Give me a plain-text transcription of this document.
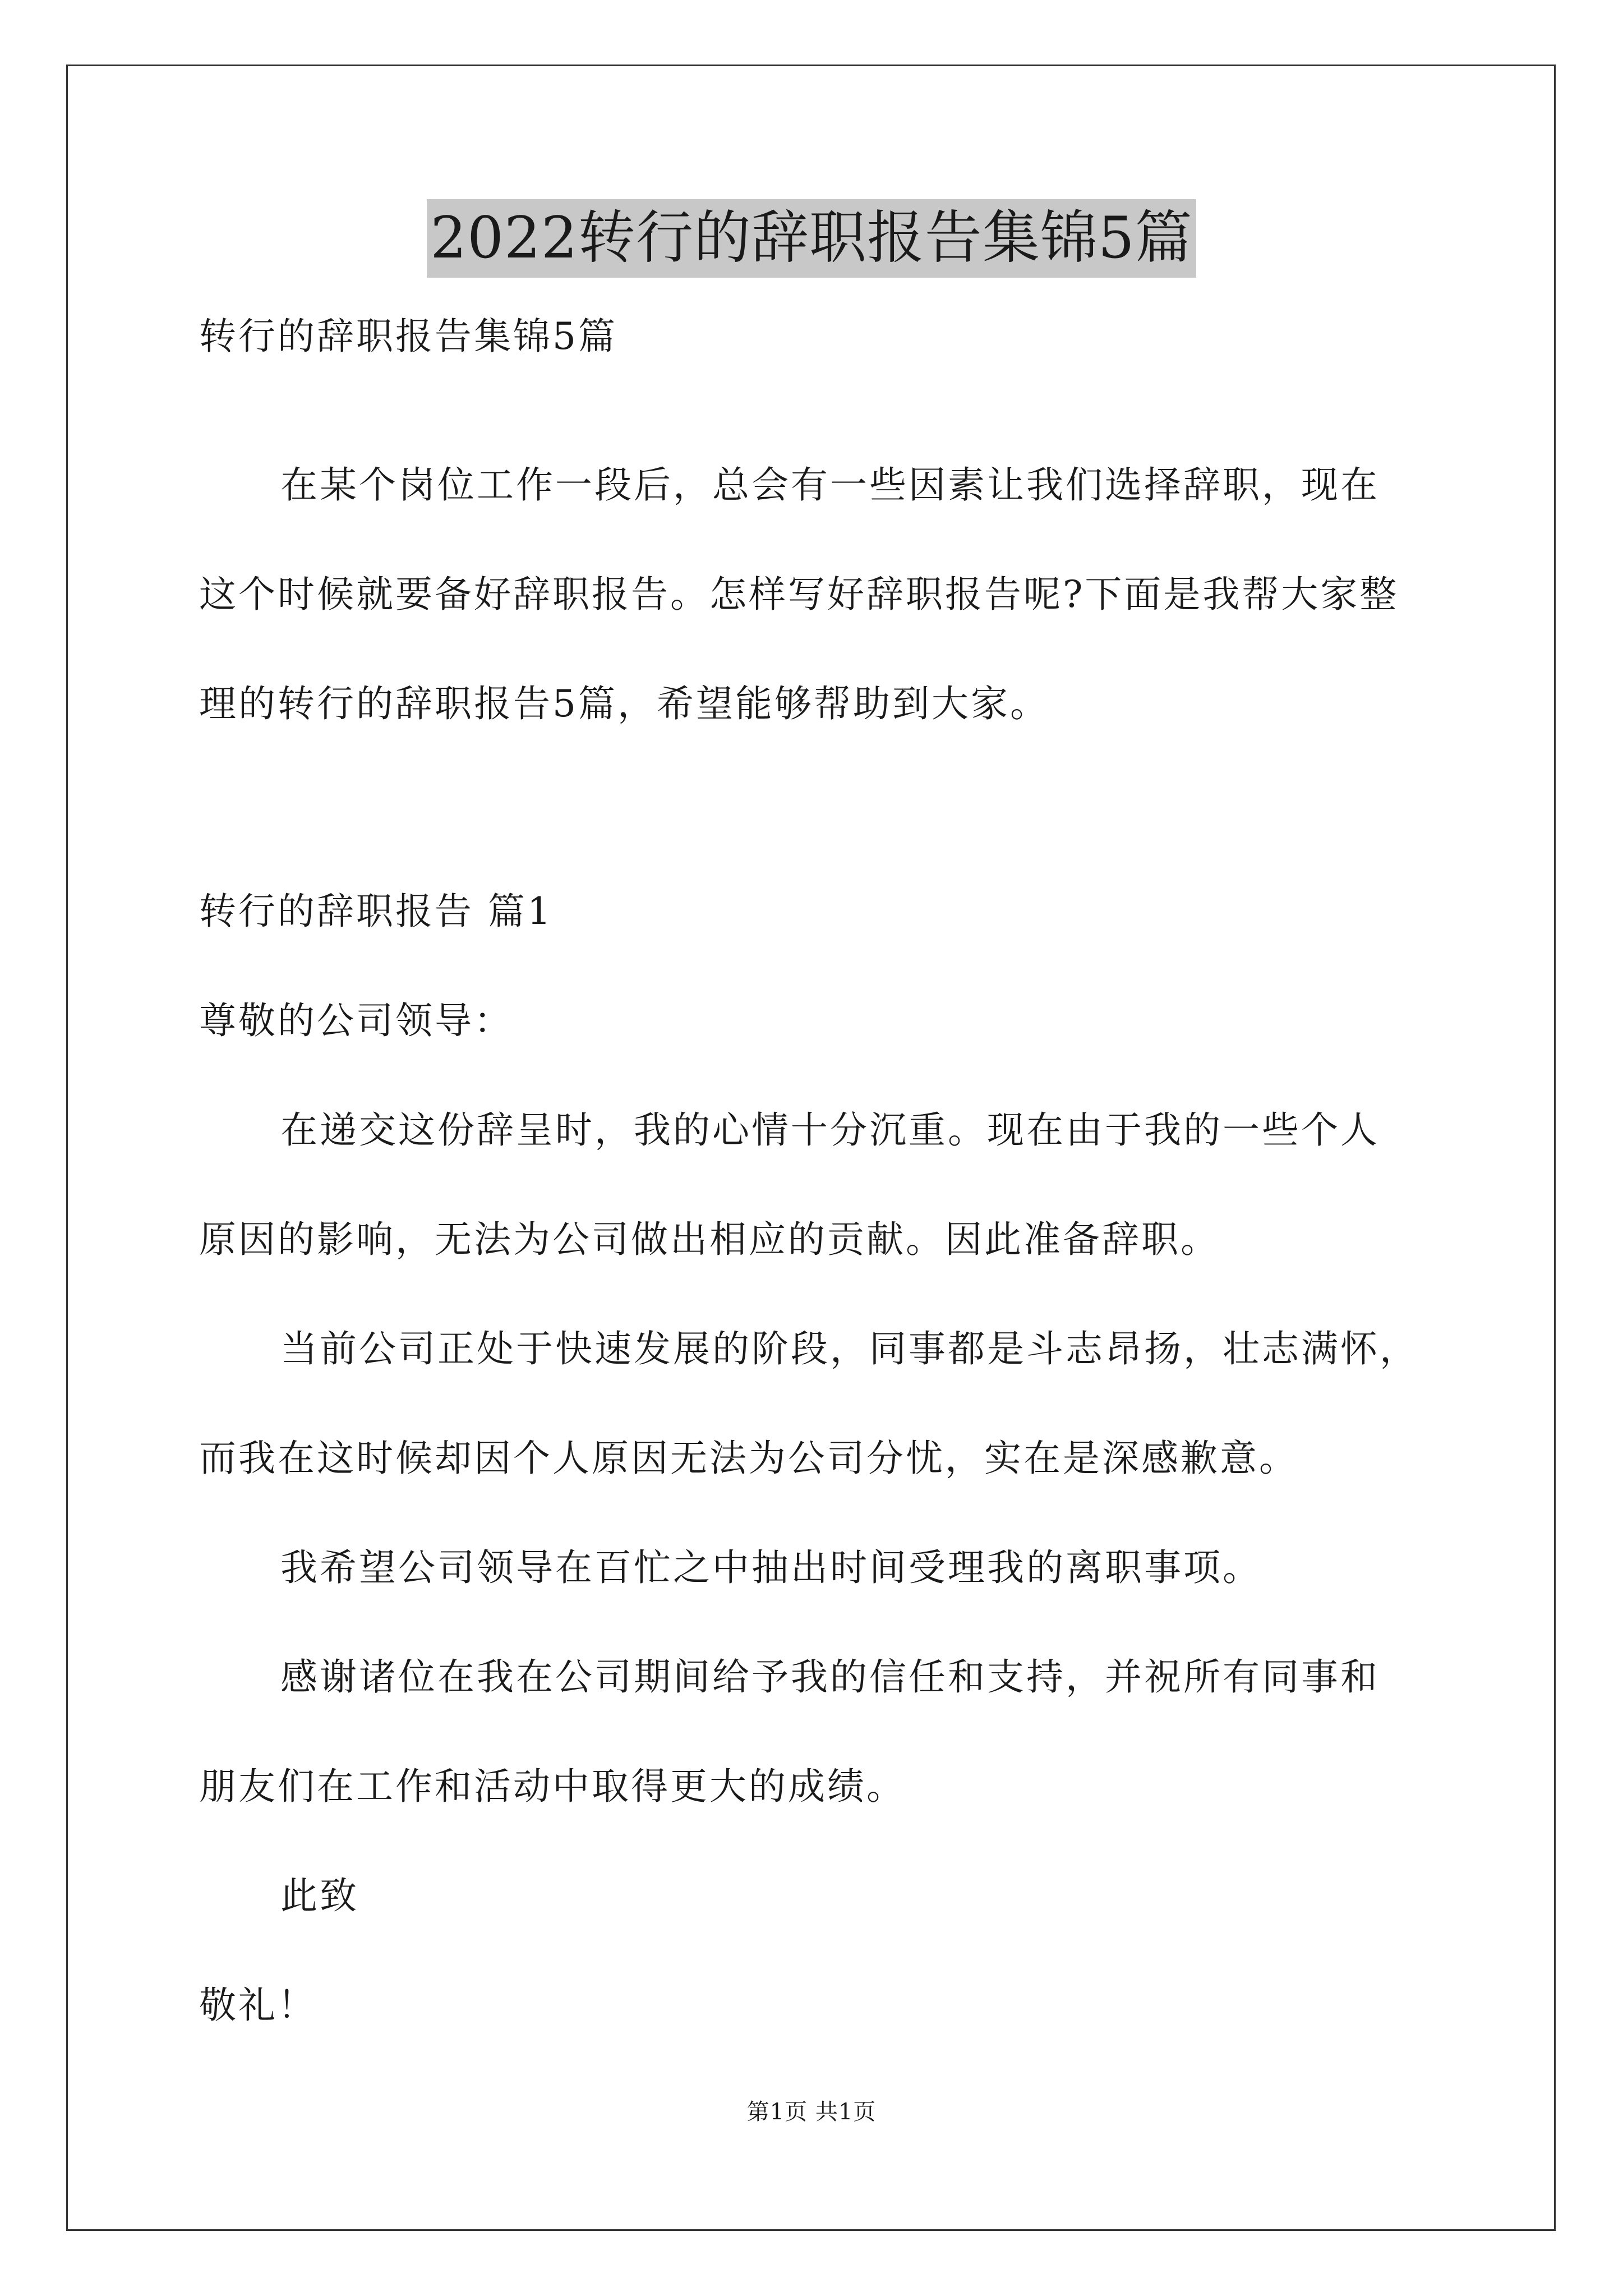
2022转行的辞职报告集锦5篇
转行的辞职报告集锦5篇
在某个岗位工作一段后，总会有一些因素让我们选择辞职，现在
这个时候就要备好辞职报告。怎样写好辞职报告呢?下面是我帮大家整
理的转行的辞职报告5篇，希望能够帮助到大家。
转行的辞职报告 篇1
尊敬的公司领导：
在递交这份辞呈时，我的心情十分沉重。现在由于我的一些个人
原因的影响，无法为公司做出相应的贡献。因此准备辞职。
当前公司正处于快速发展的阶段，同事都是斗志昂扬，壮志满怀，
而我在这时候却因个人原因无法为公司分忧，实在是深感歉意。
我希望公司领导在百忙之中抽出时间受理我的离职事项。
感谢诸位在我在公司期间给予我的信任和支持，并祝所有同事和
朋友们在工作和活动中取得更大的成绩。
此致
敬礼！
第1页 共1页
